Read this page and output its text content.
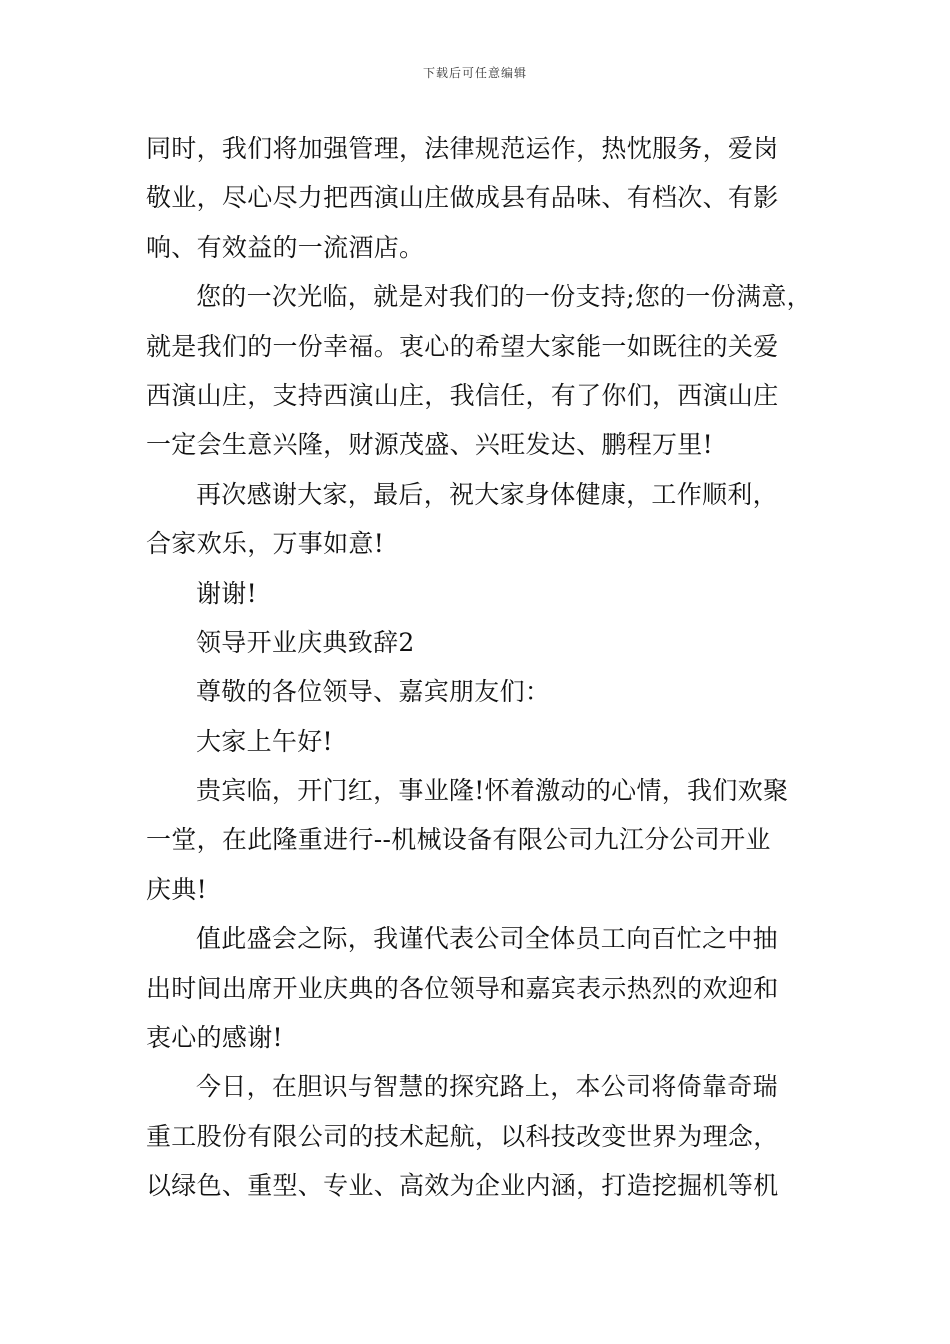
下载后可任意编辑
同时，我们将加强管理，法律规范运作，热忱服务，爱岗
敬业，尽心尽力把西演山庄做成县有品味、有档次、有影
响、有效益的一流酒店。
您的一次光临，就是对我们的一份支持;您的一份满意，
就是我们的一份幸福。衷心的希望大家能一如既往的关爱
西演山庄，支持西演山庄，我信任，有了你们，西演山庄
一定会生意兴隆，财源茂盛、兴旺发达、鹏程万里!
再次感谢大家，最后，祝大家身体健康，工作顺利，
合家欢乐，万事如意!
谢谢!
领导开业庆典致辞2
尊敬的各位领导、嘉宾朋友们：
大家上午好!
贵宾临，开门红，事业隆!怀着激动的心情，我们欢聚
一堂，在此隆重进行--机械设备有限公司九江分公司开业
庆典!
值此盛会之际，我谨代表公司全体员工向百忙之中抽
出时间出席开业庆典的各位领导和嘉宾表示热烈的欢迎和
衷心的感谢!
今日，在胆识与智慧的探究路上，本公司将倚靠奇瑞
重工股份有限公司的技术起航，以科技改变世界为理念，
以绿色、重型、专业、高效为企业内涵，打造挖掘机等机
